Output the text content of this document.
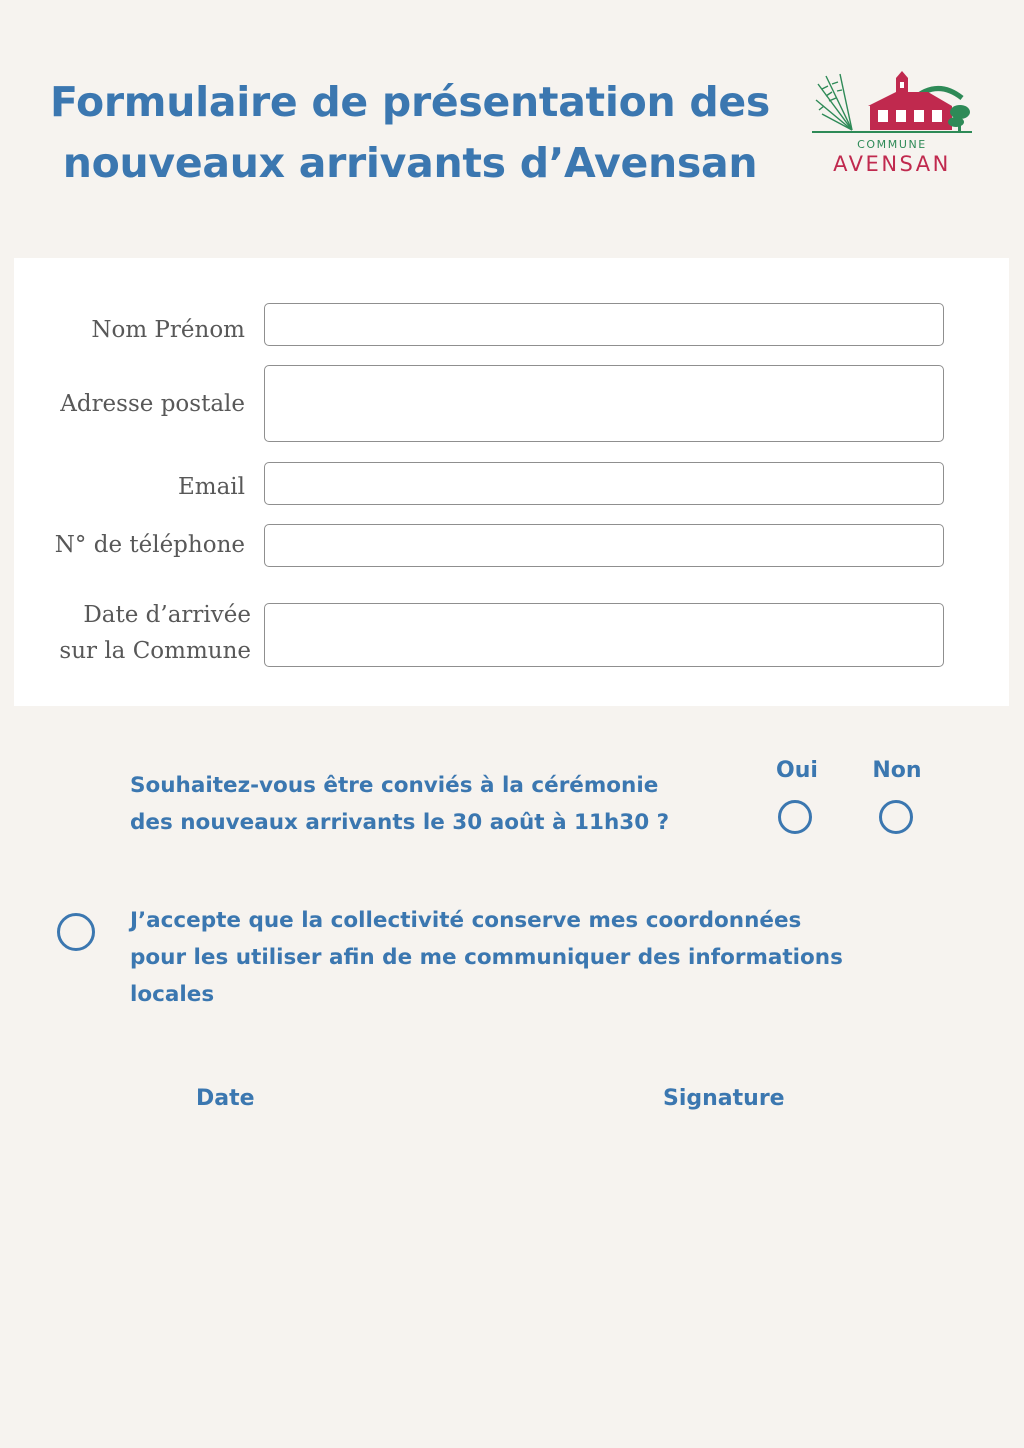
Formulaire de présentation des
nouveaux arrivants d’Avensan	COMMUNE
AVENSAN
Nom Prénom
Adresse postale
Email
N° de téléphone
Date d’arrivée
sur la Commune
Souhaitez-vous être conviés à la cérémonie
des nouveaux arrivants le 30 août à 11h30 ?
Oui	Non
J’accepte que la collectivité conserve mes coordonnées
pour les utiliser afin de me communiquer des informations
locales
Date	Signature
